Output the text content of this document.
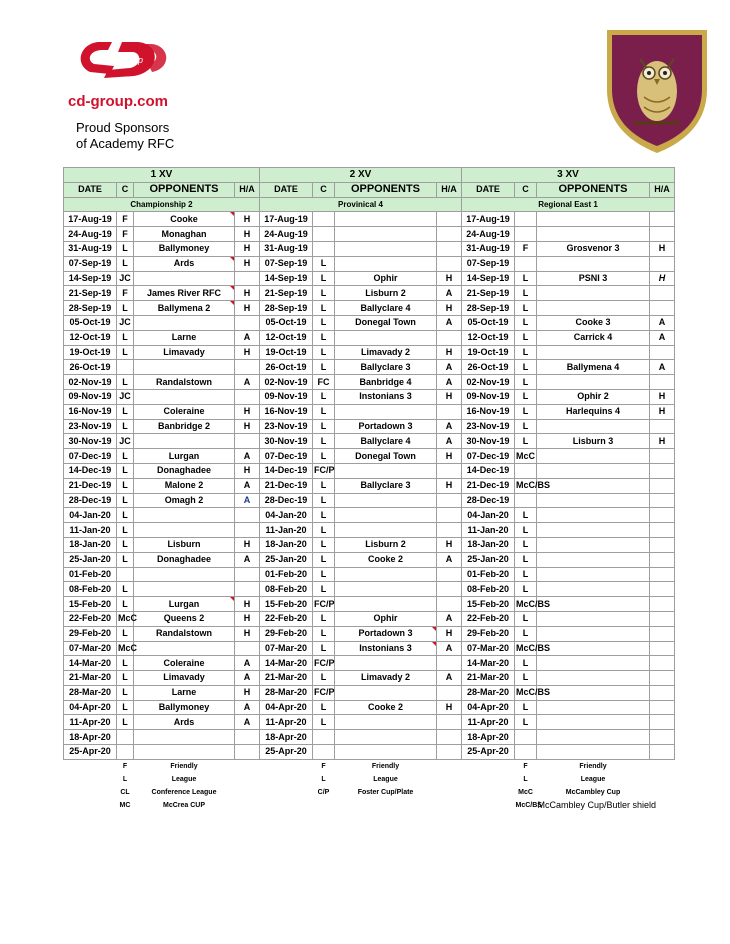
Group
cd-group.com
Proud Sponsors
of Academy RFC
1 XV				2 XV				3 XV			
DATE	C	OPPONENTS	H/A	DATE	C	OPPONENTS	H/A	DATE	C	OPPONENTS	H/A
Championship 2				Provinical 4				Regional East 1			
17-Aug-19	F	Cooke	H	17-Aug-19				17-Aug-19			
24-Aug-19	F	Monaghan	H	24-Aug-19				24-Aug-19			
31-Aug-19	L	Ballymoney	H	31-Aug-19				31-Aug-19	F	Grosvenor 3	H
07-Sep-19	L	Ards	H	07-Sep-19	L			07-Sep-19			
14-Sep-19	JC			14-Sep-19	L	Ophir	H	14-Sep-19	L	PSNI 3	H
21-Sep-19	F	James River RFC	H	21-Sep-19	L	Lisburn 2	A	21-Sep-19	L		
28-Sep-19	L	Ballymena 2	H	28-Sep-19	L	Ballyclare 4	H	28-Sep-19	L		
05-Oct-19	JC			05-Oct-19	L	Donegal Town	A	05-Oct-19	L	Cooke 3	A
12-Oct-19	L	Larne	A	12-Oct-19	L			12-Oct-19	L	Carrick 4	A
19-Oct-19	L	Limavady	H	19-Oct-19	L	Limavady 2	H	19-Oct-19	L		
26-Oct-19				26-Oct-19	L	Ballyclare 3	A	26-Oct-19	L	Ballymena 4	A
02-Nov-19	L	Randalstown	A	02-Nov-19	FC	Banbridge 4	A	02-Nov-19	L		
09-Nov-19	JC			09-Nov-19	L	Instonians 3	H	09-Nov-19	L	Ophir 2	H
16-Nov-19	L	Coleraine	H	16-Nov-19	L			16-Nov-19	L	Harlequins 4	H
23-Nov-19	L	Banbridge 2	H	23-Nov-19	L	Portadown 3	A	23-Nov-19	L		
30-Nov-19	JC			30-Nov-19	L	Ballyclare 4	A	30-Nov-19	L	Lisburn 3	H
07-Dec-19	L	Lurgan	A	07-Dec-19	L	Donegal Town	H	07-Dec-19	McC		
14-Dec-19	L	Donaghadee	H	14-Dec-19	FC/P			14-Dec-19			
21-Dec-19	L	Malone 2	A	21-Dec-19	L	Ballyclare 3	H	21-Dec-19	McC/BS		
28-Dec-19	L	Omagh 2	A	28-Dec-19	L			28-Dec-19			
04-Jan-20	L			04-Jan-20	L			04-Jan-20	L		
11-Jan-20	L			11-Jan-20	L			11-Jan-20	L		
18-Jan-20	L	Lisburn	H	18-Jan-20	L	Lisburn 2	H	18-Jan-20	L		
25-Jan-20	L	Donaghadee	A	25-Jan-20	L	Cooke 2	A	25-Jan-20	L		
01-Feb-20				01-Feb-20	L			01-Feb-20	L		
08-Feb-20	L			08-Feb-20	L			08-Feb-20	L		
15-Feb-20	L	Lurgan	H	15-Feb-20	FC/P			15-Feb-20	McC/BS		
22-Feb-20	McC	Queens 2	H	22-Feb-20	L	Ophir	A	22-Feb-20	L		
29-Feb-20	L	Randalstown	H	29-Feb-20	L	Portadown 3	H	29-Feb-20	L		
07-Mar-20	McC			07-Mar-20	L	Instonians 3	A	07-Mar-20	McC/BS		
14-Mar-20	L	Coleraine	A	14-Mar-20	FC/P			14-Mar-20	L		
21-Mar-20	L	Limavady	A	21-Mar-20	L	Limavady 2	A	21-Mar-20	L		
28-Mar-20	L	Larne	H	28-Mar-20	FC/P			28-Mar-20	McC/BS		
04-Apr-20	L	Ballymoney	A	04-Apr-20	L	Cooke 2	H	04-Apr-20	L		
11-Apr-20	L	Ards	A	11-Apr-20	L			11-Apr-20	L		
18-Apr-20				18-Apr-20				18-Apr-20			
25-Apr-20				25-Apr-20				25-Apr-20			
	F	Friendly			F	Friendly			F	Friendly	
	L	League			L	League			L	League	
	CL	Conference League			C/P	Foster Cup/Plate			McC	McCambley Cup	
	MC	McCrea CUP							McC/BS	McCambley Cup/Butler shield	
